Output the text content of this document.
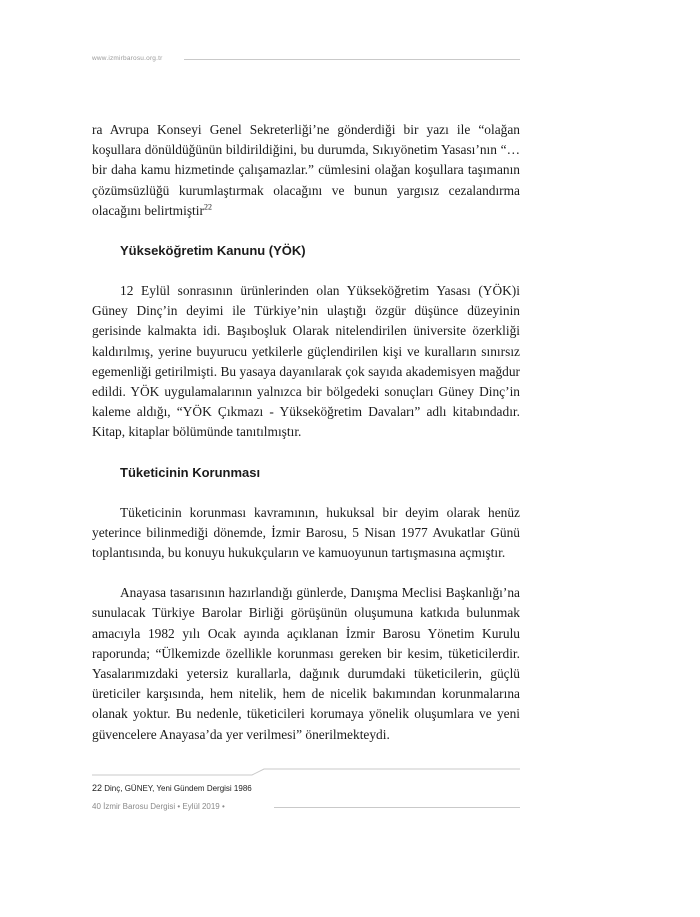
www.izmirbarosu.org.tr

ra Avrupa Konseyi Genel Sekreterliği’ne gönderdiği bir yazı ile “olağan koşullara dönüldüğünün bildirildiğini, bu durumda, Sıkıyönetim Yasası’nın “…bir daha kamu hizmetinde çalışamazlar.” cümlesini olağan koşullara taşımanın çözümsüzlüğü kurumlaştırmak olacağını ve bunun yargısız cezalandırma olacağını belirtmiştir$^{22}$

Yükseköğretim Kanunu (YÖK)

12 Eylül sonrasının ürünlerinden olan Yükseköğretim Yasası (YÖK)i Güney Dinç’in deyimi ile Türkiye’nin ulaştığı özgür düşünce düzeyinin gerisinde kalmakta idi. Başıboşluk Olarak nitelendirilen üniversite özerkliği kaldırılmış, yerine buyurucu yetkilerle güçlendirilen kişi ve kuralların sınırsız egemenliği getirilmişti. Bu yasaya dayanılarak çok sayıda akademisyen mağdur edildi. YÖK uygulamalarının yalnızca bir bölgedeki sonuçları Güney Dinç’in kaleme aldığı, “YÖK Çıkmazı - Yükseköğretim Davaları” adlı kitabındadır. Kitap, kitaplar bölümünde tanıtılmıştır.

Tüketicinin Korunması

Tüketicinin korunması kavramının, hukuksal bir deyim olarak henüz yeterince bilinmediği dönemde, İzmir Barosu, 5 Nisan 1977 Avukatlar Günü toplantısında, bu konuyu hukukçuların ve kamuoyunun tartışmasına açmıştır.

Anayasa tasarısının hazırlandığı günlerde, Danışma Meclisi Başkanlığı’na sunulacak Türkiye Barolar Birliği görüşünün oluşumuna katkıda bulunmak amacıyla 1982 yılı Ocak ayında açıklanan İzmir Barosu Yönetim Kurulu raporunda; “Ülkemizde özellikle korunması gereken bir kesim, tüketicilerdir. Yasalarımızdaki yetersiz kurallarla, dağınık durumdaki tüketicilerin, güçlü üreticiler karşısında, hem nitelik, hem de nicelik bakımından korunmalarına olanak yoktur. Bu nedenle, tüketicileri korumaya yönelik oluşumlara ve yeni güvencelere Anayasa’da yer verilmesi” önerilmekteydi.

22 Dinç, GÜNEY, Yeni Gündem Dergisi 1986
40 İzmir Barosu Dergisi • Eylül 2019 •
